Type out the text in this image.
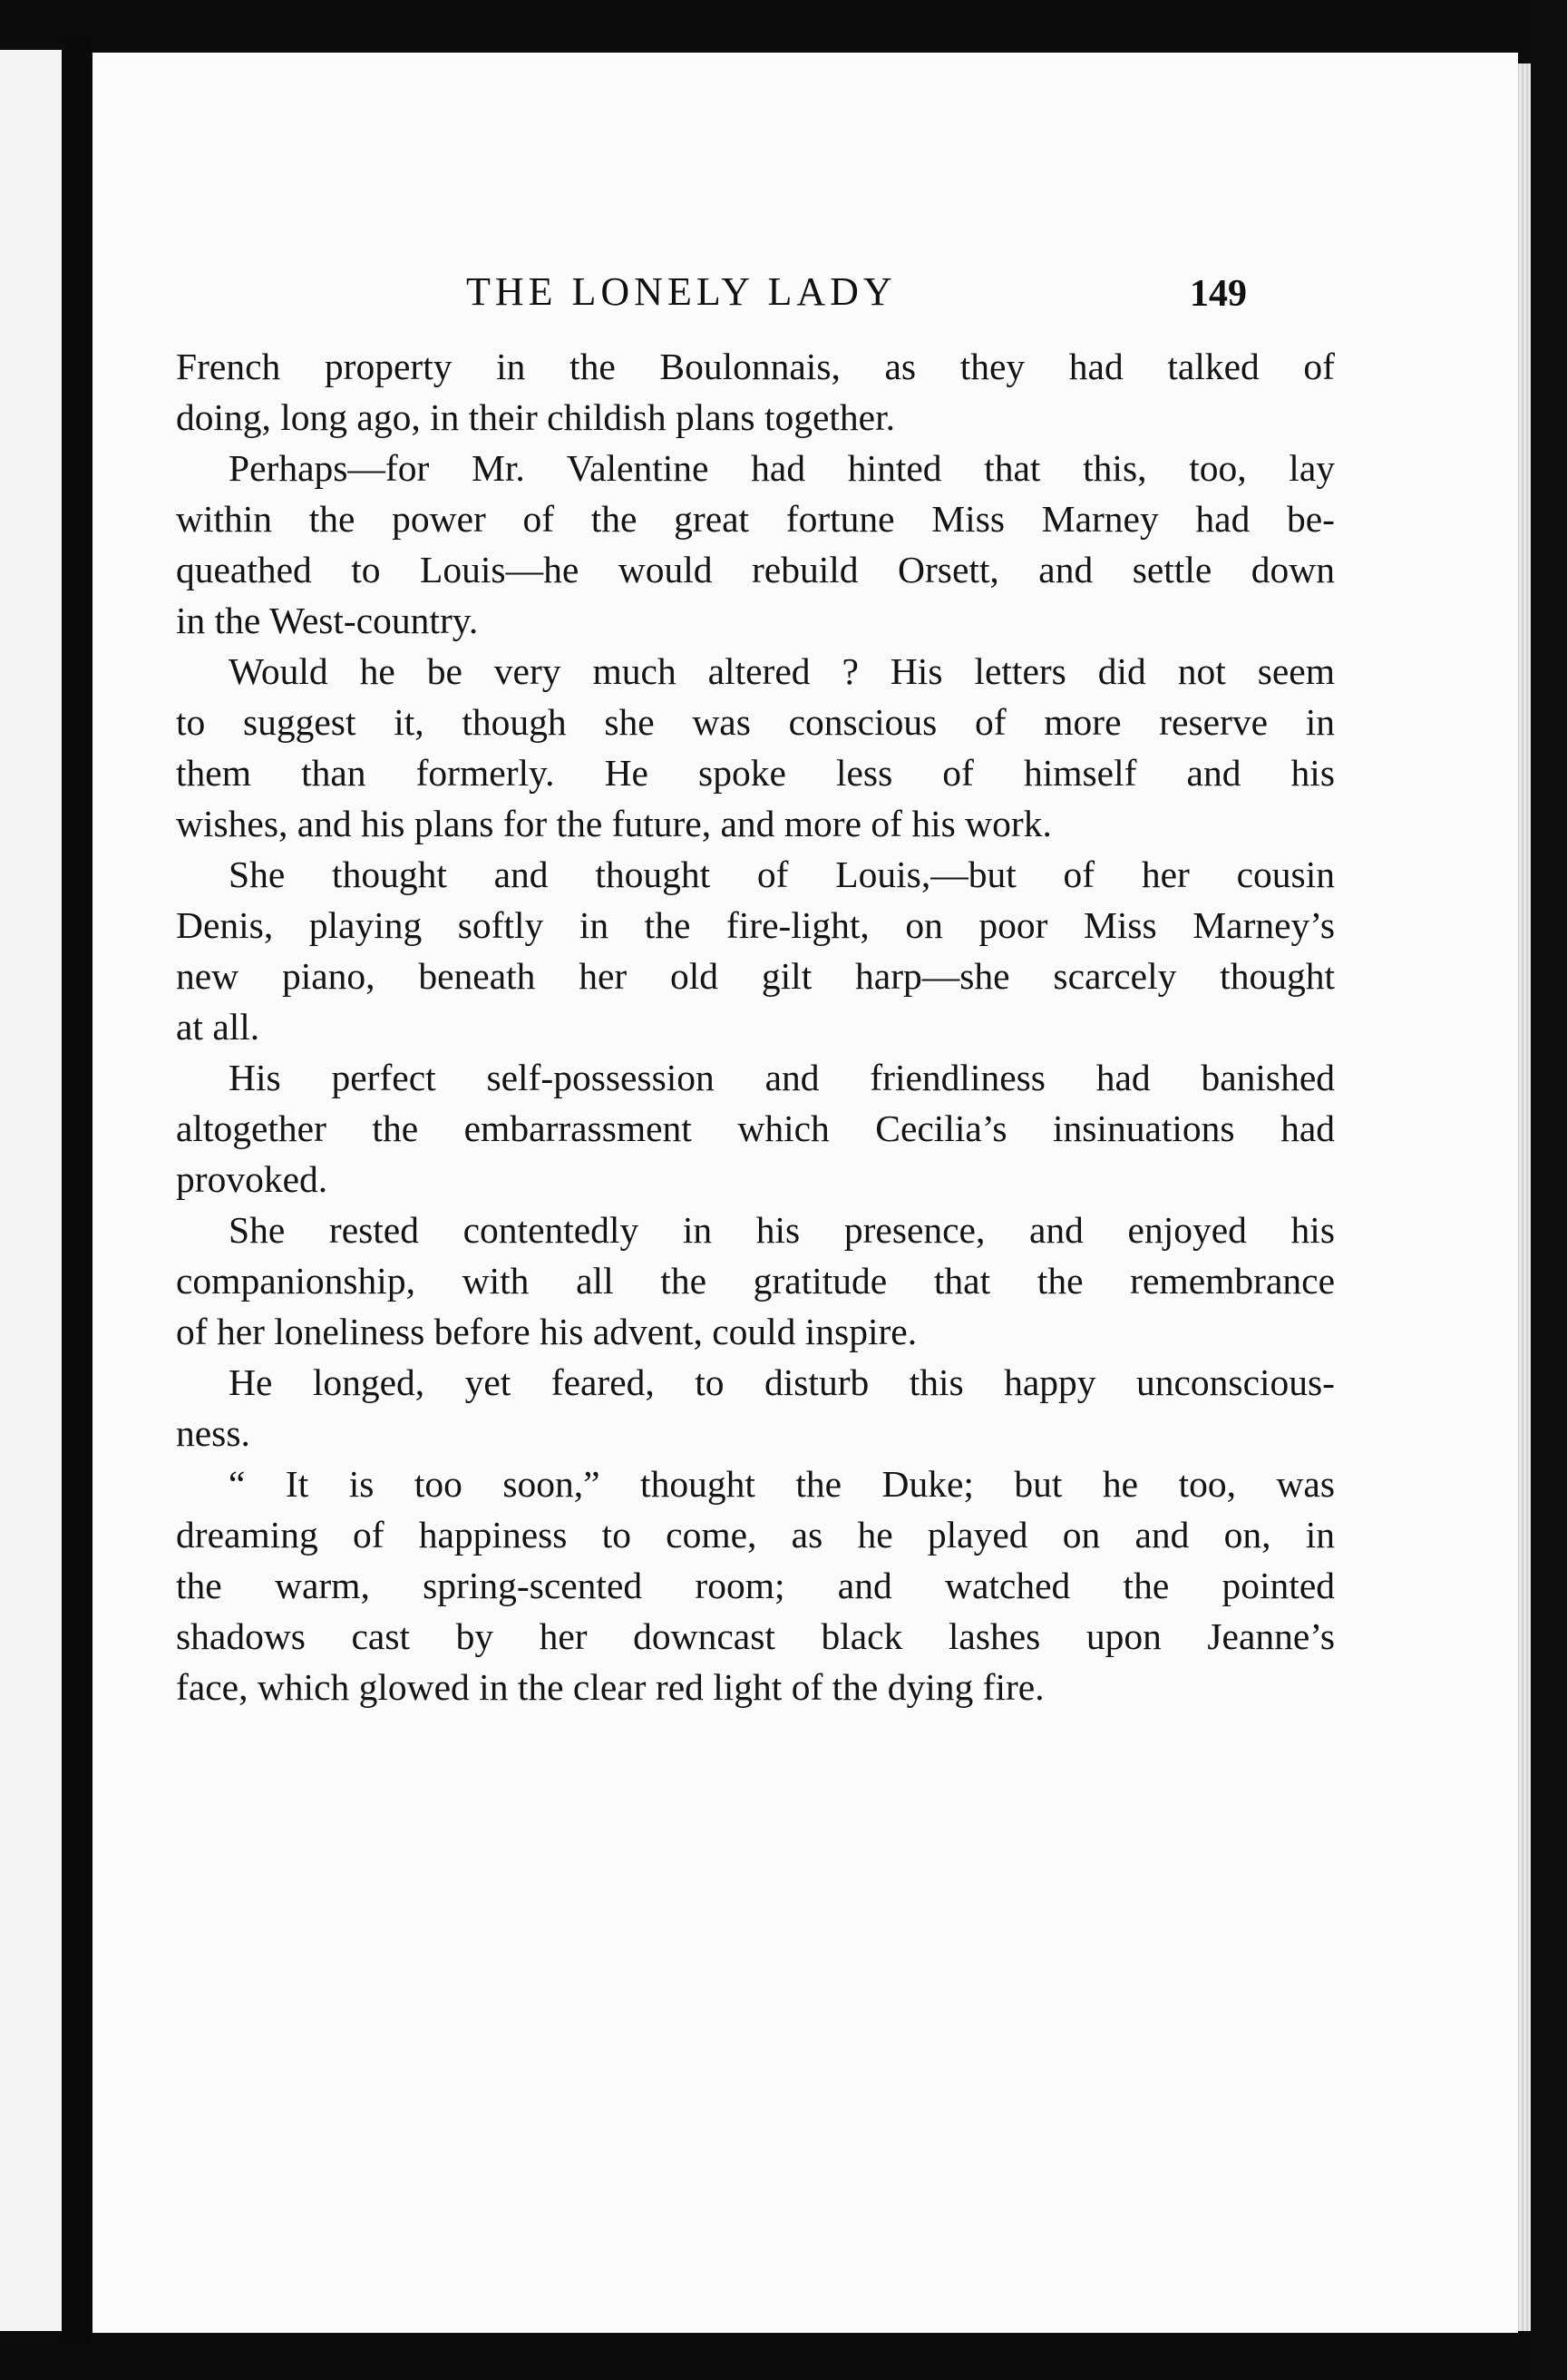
THE LONELY LADY	149
French property in the Boulonnais, as they had talked of
doing, long ago, in their childish plans together.
Perhaps—for Mr. Valentine had hinted that this, too, lay
within the power of the great fortune Miss Marney had be-
queathed to Louis—he would rebuild Orsett, and settle down
in the West-country.
Would he be very much altered ? His letters did not seem
to suggest it, though she was conscious of more reserve in
them than formerly. He spoke less of himself and his
wishes, and his plans for the future, and more of his work.
She thought and thought of Louis,—but of her cousin
Denis, playing softly in the fire-light, on poor Miss Marney’s
new piano, beneath her old gilt harp—she scarcely thought
at all.
His perfect self-possession and friendliness had banished
altogether the embarrassment which Cecilia’s insinuations had
provoked.
She rested contentedly in his presence, and enjoyed his
companionship, with all the gratitude that the remembrance
of her loneliness before his advent, could inspire.
He longed, yet feared, to disturb this happy unconscious-
ness.
“ It is too soon,” thought the Duke; but he too, was
dreaming of happiness to come, as he played on and on, in
the warm, spring-scented room; and watched the pointed
shadows cast by her downcast black lashes upon Jeanne’s
face, which glowed in the clear red light of the dying fire.
